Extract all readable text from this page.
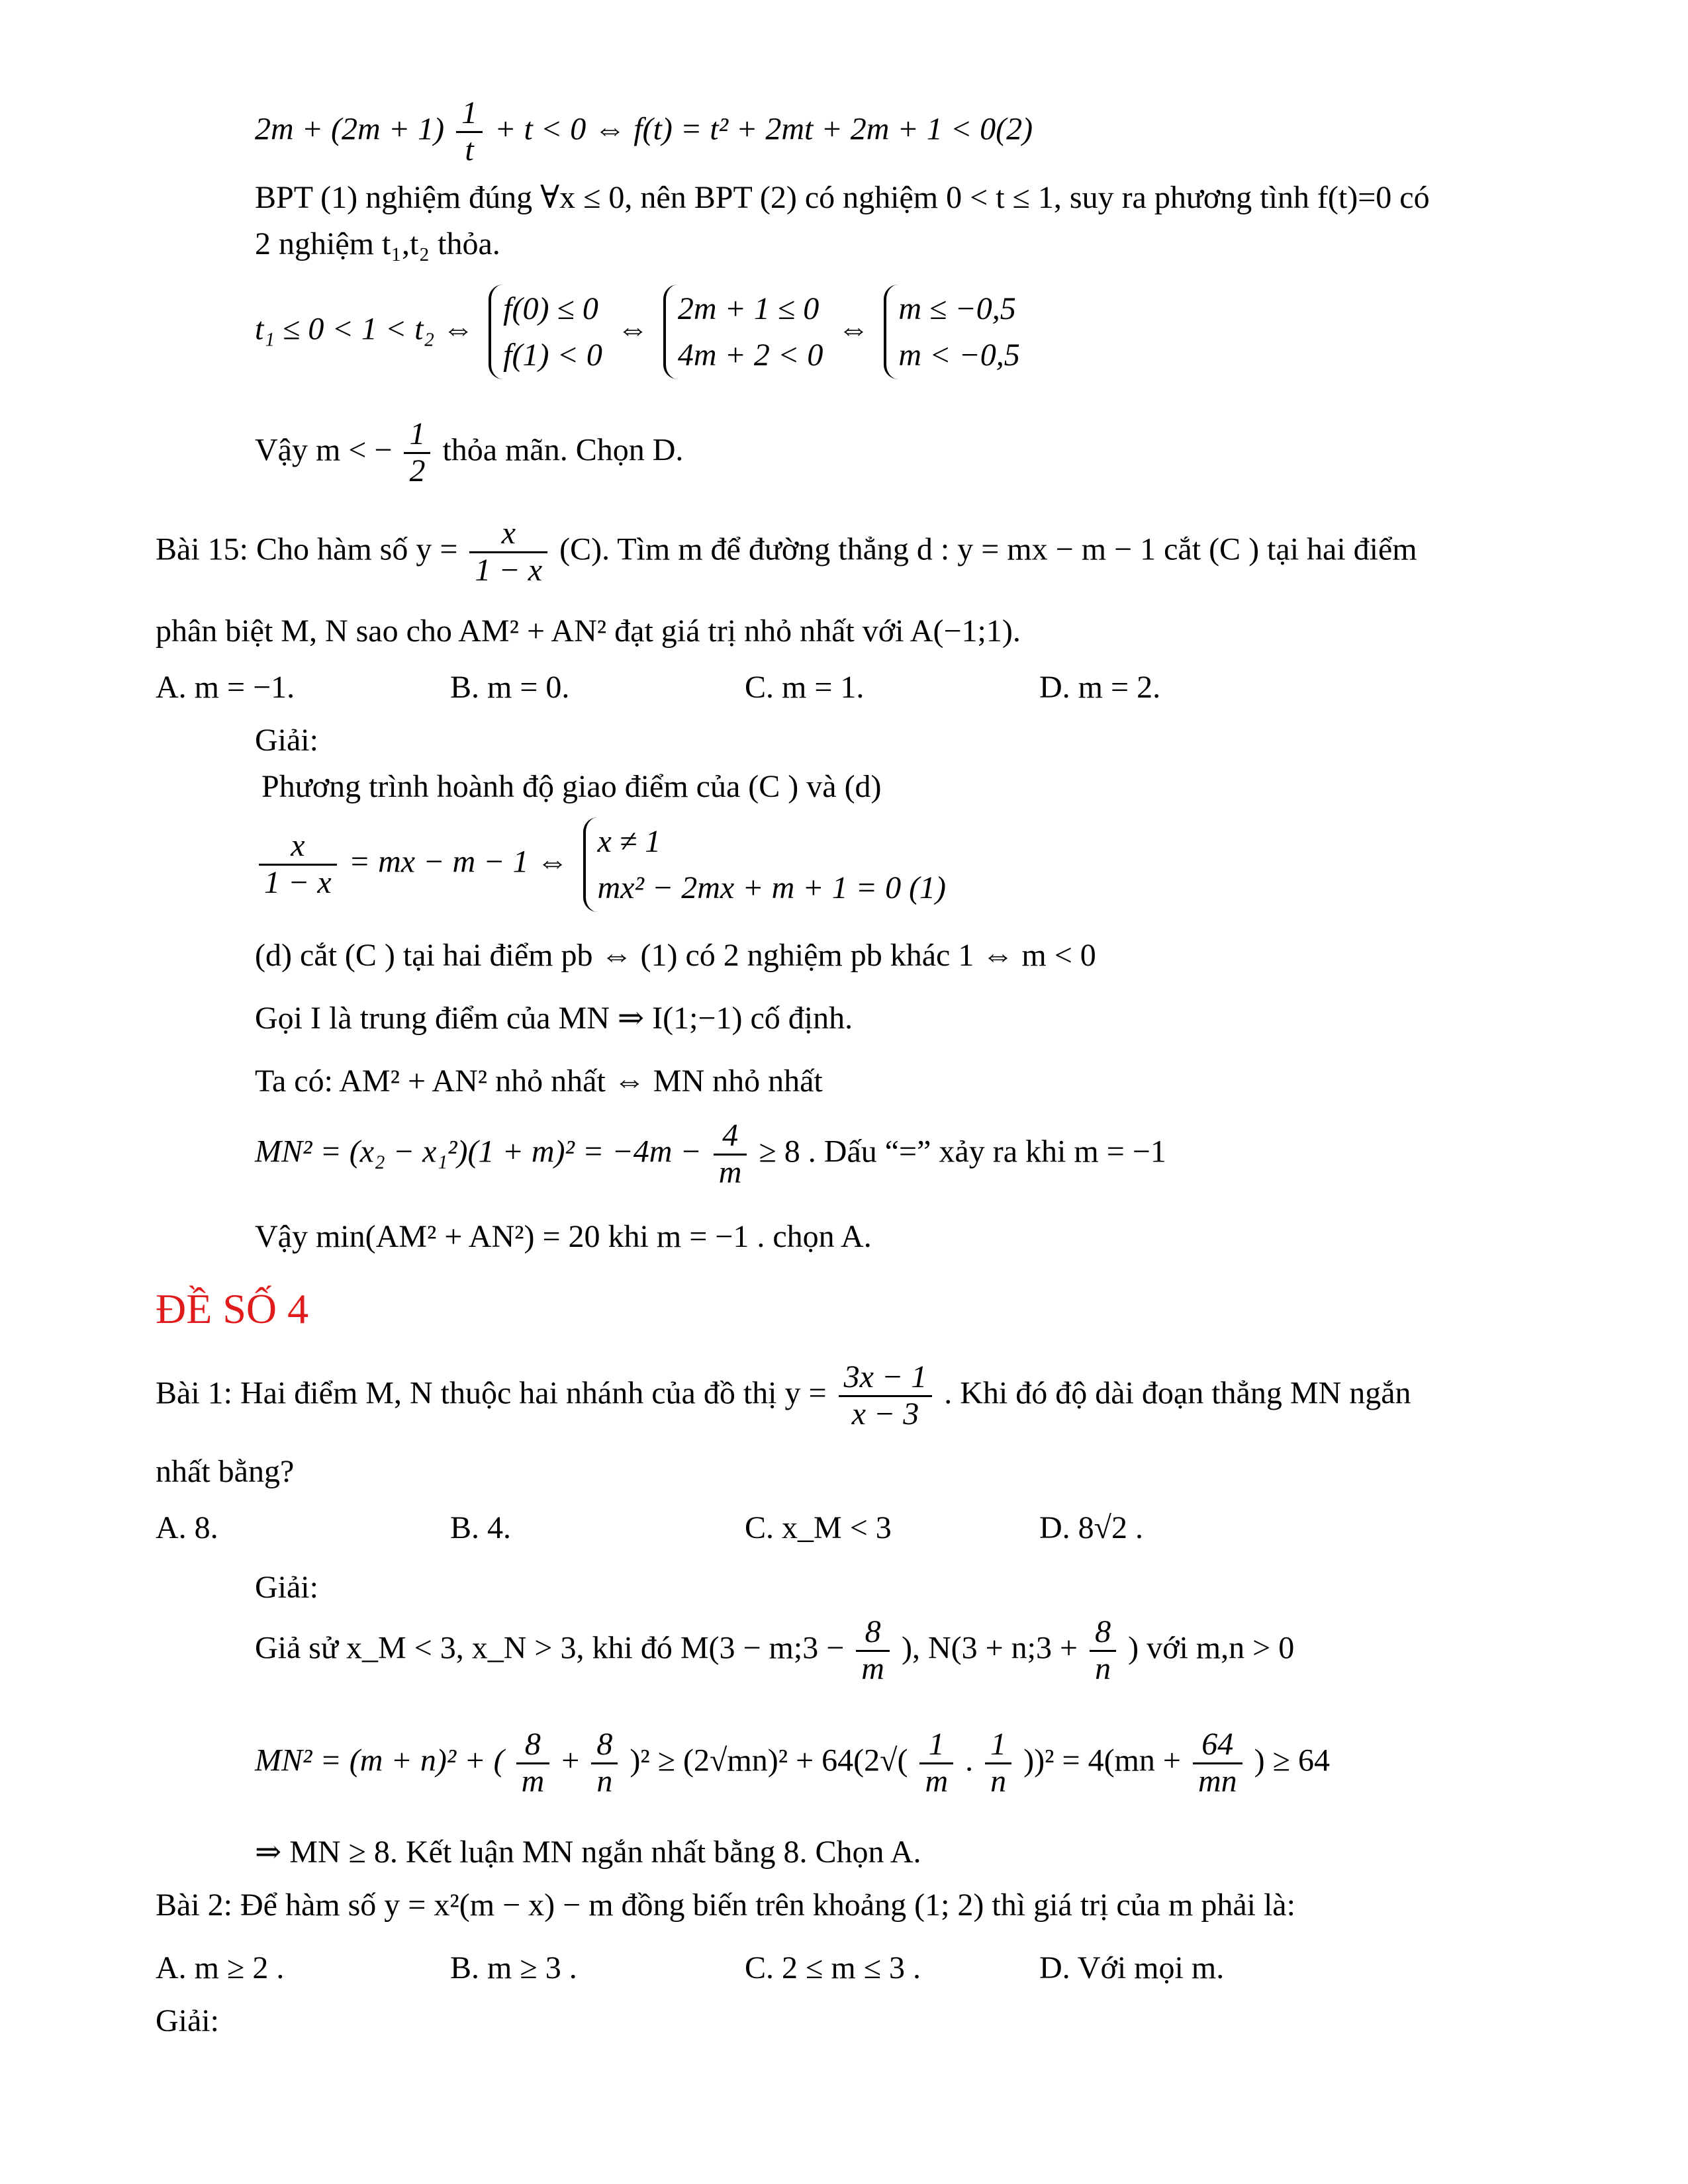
$2m + (2m + 1) \frac{1}{t} + t < 0$ ⇔ f(t) = t² + 2mt + 2m + 1 < 0(2)
BPT (1) nghiệm đúng ∀x ≤ 0, nên BPT (2) có nghiệm 0 < t ≤ 1, suy ra phương tình f(t)=0 có
2 nghiệm t₁,t₂ thỏa.
t₁ ≤ 0 < 1 < t₂ ⇔
f(0) ≤ 0
f(1) < 0
⇔
2m + 1 ≤ 0
4m + 2 < 0
⇔
m ≤ −0,5
m < −0,5
Vậy m < − $\frac{1}{2}$ thỏa mãn. Chọn D.
Bài 15: Cho hàm số $y = \frac{x}{1 - x} (C)$. Tìm m để đường thẳng d : y = mx − m − 1 cắt (C ) tại hai điểm
phân biệt M, N sao cho AM² + AN² đạt giá trị nhỏ nhất với A(−1;1).
A. m = −1.	B. m = 0.	C. m = 1.	D. m = 2.
Giải:
Phương trình hoành độ giao điểm của (C ) và (d)
$\frac{x}{1 - x}$ = mx − m − 1 ⇔
x ≠ 1
mx² − 2mx + m + 1 = 0 (1)
(d) cắt (C ) tại hai điểm pb ⇔ (1) có 2 nghiệm pb khác 1 ⇔ m < 0
Gọi I là trung điểm của MN ⇒ I(1;−1) cố định.
Ta có: AM² + AN² nhỏ nhất ⇔ MN nhỏ nhất
$MN^2 = (x_2 - x_1^2)(1 + m)^2 = -4m - \frac{4}{m} \ge 8$ . Dấu “=” xảy ra khi m = −1
Vậy min(AM² + AN²) = 20 khi m = −1 . chọn A.
ĐỀ SỐ 4
Bài 1: Hai điểm M, N thuộc hai nhánh của đồ thị $y = \frac{3x - 1}{x - 3}$ . Khi đó độ dài đoạn thẳng MN ngắn
nhất bằng?
A. 8.	B. 4.	C. x_M < 3	D. 8√2 .
Giải:
Giả sử x_M < 3, x_N > 3, khi đó M(3 − m;3 − $\frac{8}{m}$ ), N(3 + n;3 + $\frac{8}{n}$ ) với m,n > 0
MN² = (m + n)² + ( $\frac{8}{m} + \frac{8}{n} )^2 \ge (2√mn)^2 + 64(2√( \frac{1}{m}$ . $\frac{1}{n} ))^2 = 4(mn + \frac{64}{mn}$ ) ≥ 64
⇒ MN ≥ 8. Kết luận MN ngắn nhất bằng 8. Chọn A.
Bài 2: Để hàm số y = x²(m − x) − m đồng biến trên khoảng (1; 2) thì giá trị của m phải là:
A. m ≥ 2 .	B. m ≥ 3 .	C. 2 ≤ m ≤ 3 .	D. Với mọi m.
Giải:
